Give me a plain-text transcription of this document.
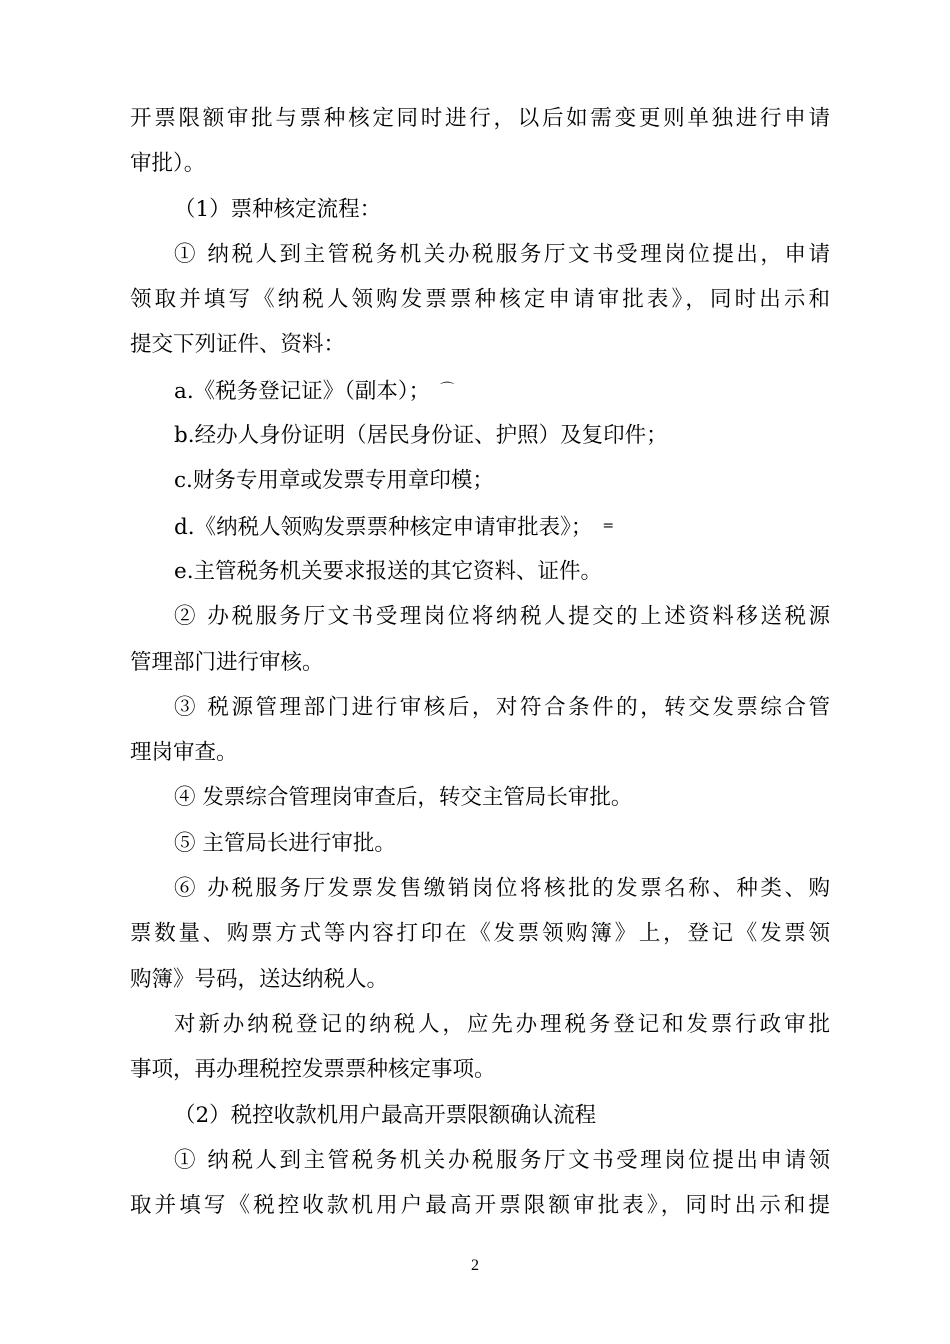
开票限额审批与票种核定同时进行，以后如需变更则单独进行申请
审批）。
（1）票种核定流程：
① 纳税人到主管税务机关办税服务厅文书受理岗位提出，申请
领取并填写《纳税人领购发票票种核定申请审批表》，同时出示和
提交下列证件、资料：
a.《税务登记证》（副本）； ⌒
b.经办人身份证明（居民身份证、护照）及复印件；
c.财务专用章或发票专用章印模；
d.《纳税人领购发票票种核定申请审批表》； =
e.主管税务机关要求报送的其它资料、证件。
② 办税服务厅文书受理岗位将纳税人提交的上述资料移送税源
管理部门进行审核。
③ 税源管理部门进行审核后，对符合条件的，转交发票综合管
理岗审查。
④ 发票综合管理岗审查后，转交主管局长审批。
⑤ 主管局长进行审批。
⑥ 办税服务厅发票发售缴销岗位将核批的发票名称、种类、购
票数量、购票方式等内容打印在《发票领购簿》上，登记《发票领
购簿》号码，送达纳税人。
对新办纳税登记的纳税人，应先办理税务登记和发票行政审批
事项，再办理税控发票票种核定事项。
（2）税控收款机用户最高开票限额确认流程
① 纳税人到主管税务机关办税服务厅文书受理岗位提出申请领
取并填写《税控收款机用户最高开票限额审批表》，同时出示和提
2
